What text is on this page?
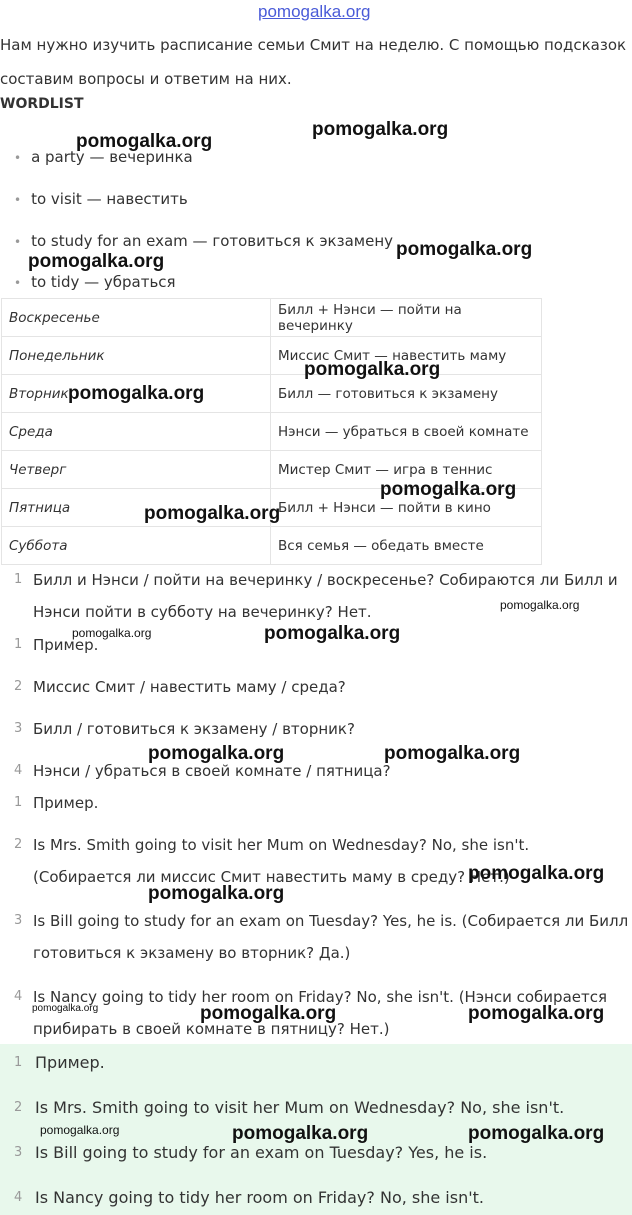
pomogalka.org
Нам нужно изучить расписание семьи Смит на неделю. С помощью подсказок составим вопросы и ответим на них.
WORDLIST
• a party — вечеринка
• to visit — навестить
• to study for an exam — готовиться к экзамену
• to tidy — убраться
Воскресенье	Билл + Нэнси — пойти на вечеринку
Понедельник	Миссис Смит — навестить маму
Вторник	Билл — готовиться к экзамену
Среда	Нэнси — убраться в своей комнате
Четверг	Мистер Смит — игра в теннис
Пятница	Билл + Нэнси — пойти в кино
Суббота	Вся семья — обедать вместе
1 Билл и Нэнси / пойти на вечеринку / воскресенье? Собираются ли Билл и Нэнси пойти в субботу на вечеринку? Нет.
1 Пример.
2 Миссис Смит / навестить маму / среда?
3 Билл / готовиться к экзамену / вторник?
4 Нэнси / убраться в своей комнате / пятница?
1 Пример.
2 Is Mrs. Smith going to visit her Mum on Wednesday? No, she isn't. (Собирается ли миссис Смит навестить маму в среду? Нет.)
3 Is Bill going to study for an exam on Tuesday? Yes, he is. (Собирается ли Билл готовиться к экзамену во вторник? Да.)
4 Is Nancy going to tidy her room on Friday? No, she isn't. (Нэнси собирается прибирать в своей комнате в пятницу? Нет.)
1 Пример.
2 Is Mrs. Smith going to visit her Mum on Wednesday? No, she isn't.
3 Is Bill going to study for an exam on Tuesday? Yes, he is.
4 Is Nancy going to tidy her room on Friday? No, she isn't.
pomogalka.org
pomogalka.org
pomogalka.org
pomogalka.org
pomogalka.org
pomogalka.org
pomogalka.org
pomogalka.org
pomogalka.org
pomogalka.org	pomogalka.org
pomogalka.org	pomogalka.org
pomogalka.org
pomogalka.org
pomogalka.org	pomogalka.org	pomogalka.org
pomogalka.org	pomogalka.org	pomogalka.org
